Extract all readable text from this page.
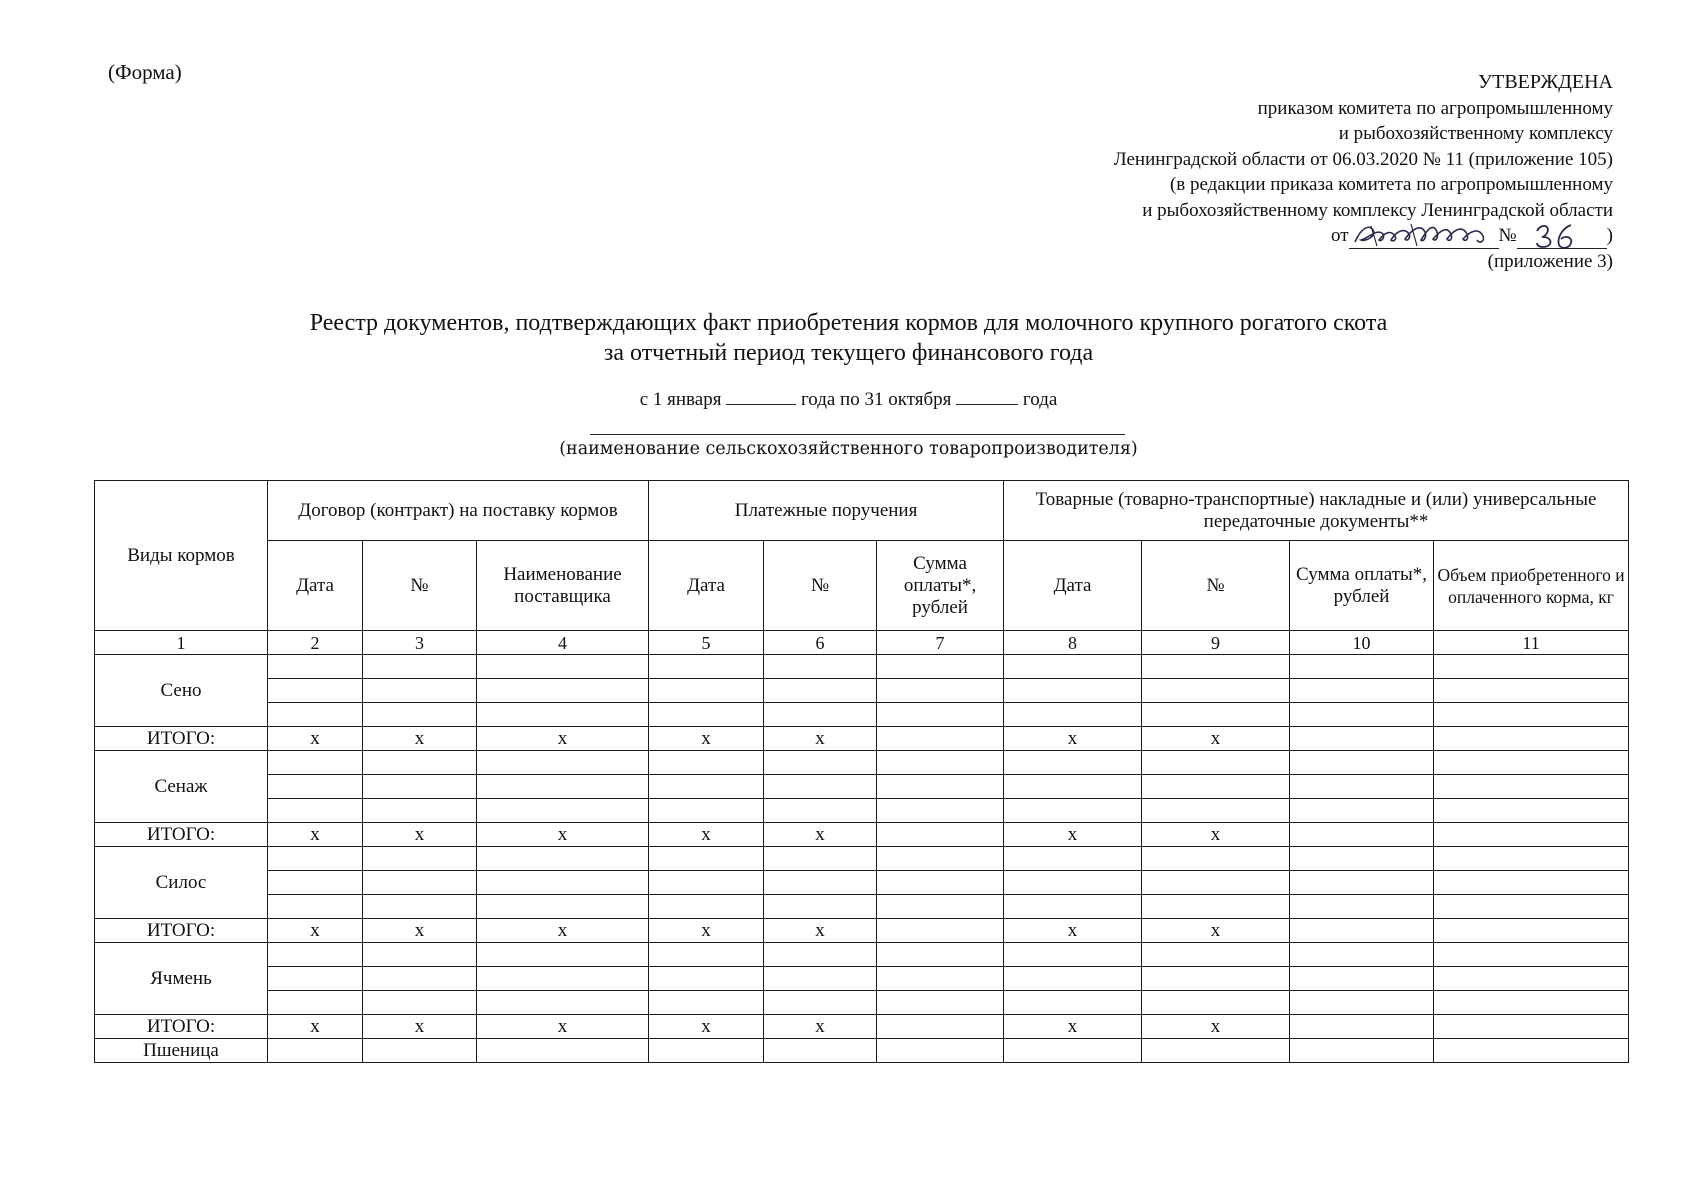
(Форма)	УТВЕРЖДЕНА
приказом комитета по агропромышленному
и рыбохозяйственному комплексу
Ленинградской области от 06.03.2020 № 11 (приложение 105)
(в редакции приказа комитета по агропромышленному
и рыбохозяйственному комплексу Ленинградской области
от	№	)
(приложение 3)
Реестр документов, подтверждающих факт приобретения кормов для молочного крупного рогатого скота
за отчетный период текущего финансового года
с 1 января	года по 31 октября	года
(наименование сельскохозяйственного товаропроизводителя)
Виды кормов	Договор (контракт) на поставку кормов			Платежные поручения			Товарные (товарно-транспортные) накладные и (или) универсальные передаточные документы**			
	Дата	№	Наименование поставщика	Дата	№	Сумма оплаты*, рублей	Дата	№	Сумма оплаты*, рублей	Объем приобретенного и оплаченного корма, кг
1	2	3	4	5	6	7	8	9	10	11
Сено										

ИТОГО:	х	х	х	х	х		х	х		
Сенаж										

ИТОГО:	х	х	х	х	х		х	х		
Силос										

ИТОГО:	х	х	х	х	х		х	х		
Ячмень										

ИТОГО:	х	х	х	х	х		х	х		
Пшеница										
